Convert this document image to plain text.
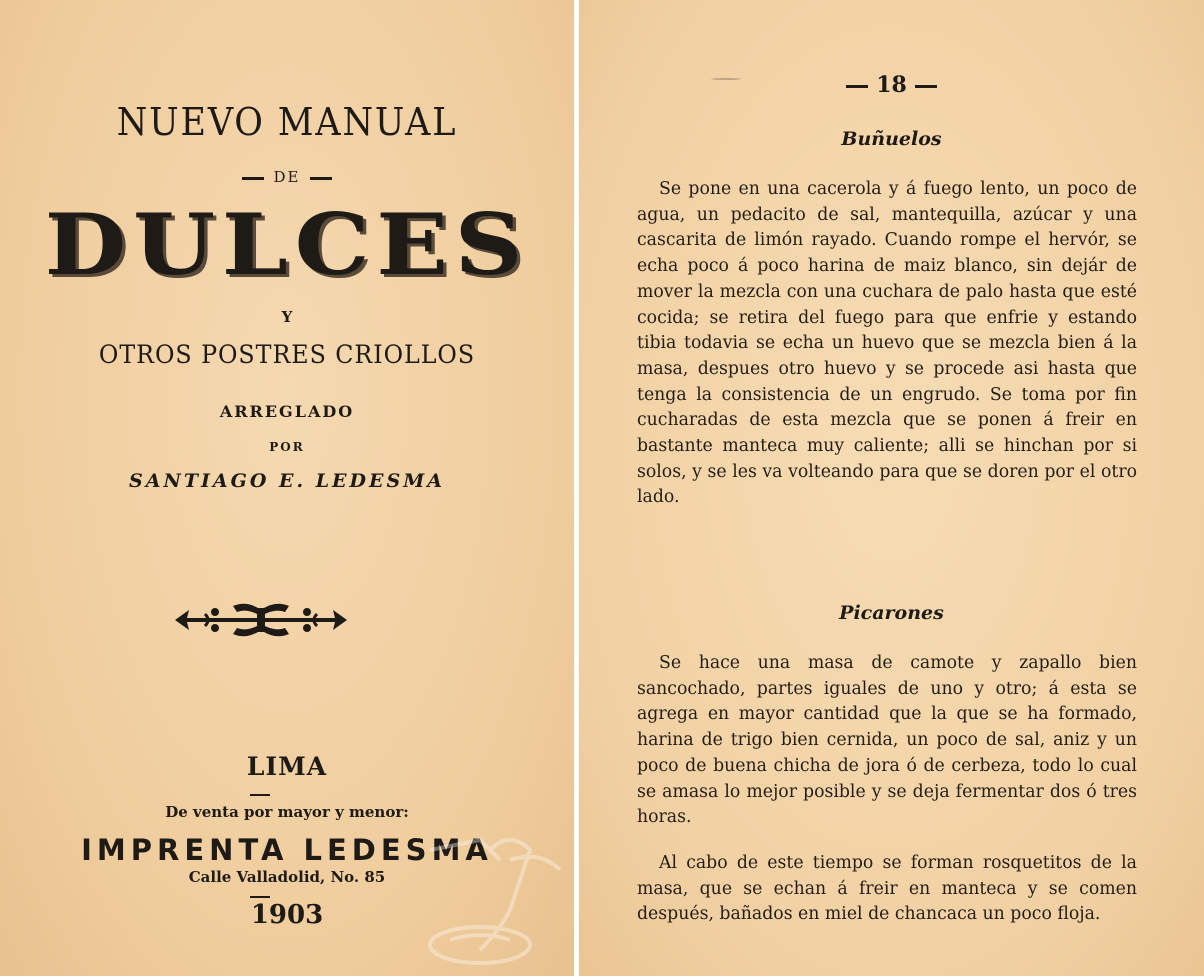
NUEVO MANUAL
DE
DULCES
Y
OTROS POSTRES CRIOLLOS
ARREGLADO
POR
SANTIAGO E. LEDESMA
LIMA
De venta por mayor y menor:
IMPRENTA LEDESMA
Calle Valladolid, No. 85
1903
18
Buñuelos

Se pone en una cacerola y á fuego lento, un poco de agua, un pedacito de sal, mantequilla, azúcar y una cascarita de limón rayado. Cuando rompe el hervór, se echa poco á poco harina de maiz blanco, sin dejár de mover la mezcla con una cuchara de palo hasta que esté cocida; se retira del fuego para que enfrie y estando tibia todavia se echa un huevo que se mezcla bien á la masa, despues otro huevo y se procede asi hasta que tenga la consistencia de un engrudo. Se toma por fin cucharadas de esta mezcla que se ponen á freir en bastante manteca muy caliente; alli se hinchan por si solos, y se les va volteando para que se doren por el otro lado.

Picarones

Se hace una masa de camote y zapallo bien sancochado, partes iguales de uno y otro; á esta se agrega en mayor cantidad que la que se ha formado, harina de trigo bien cernida, un poco de sal, aniz y un poco de buena chicha de jora ó de cerbeza, todo lo cual se amasa lo mejor posible y se deja fermentar dos ó tres horas.

Al cabo de este tiempo se forman rosquetitos de la masa, que se echan á freir en manteca y se comen después, bañados en miel de chancaca un poco floja.
